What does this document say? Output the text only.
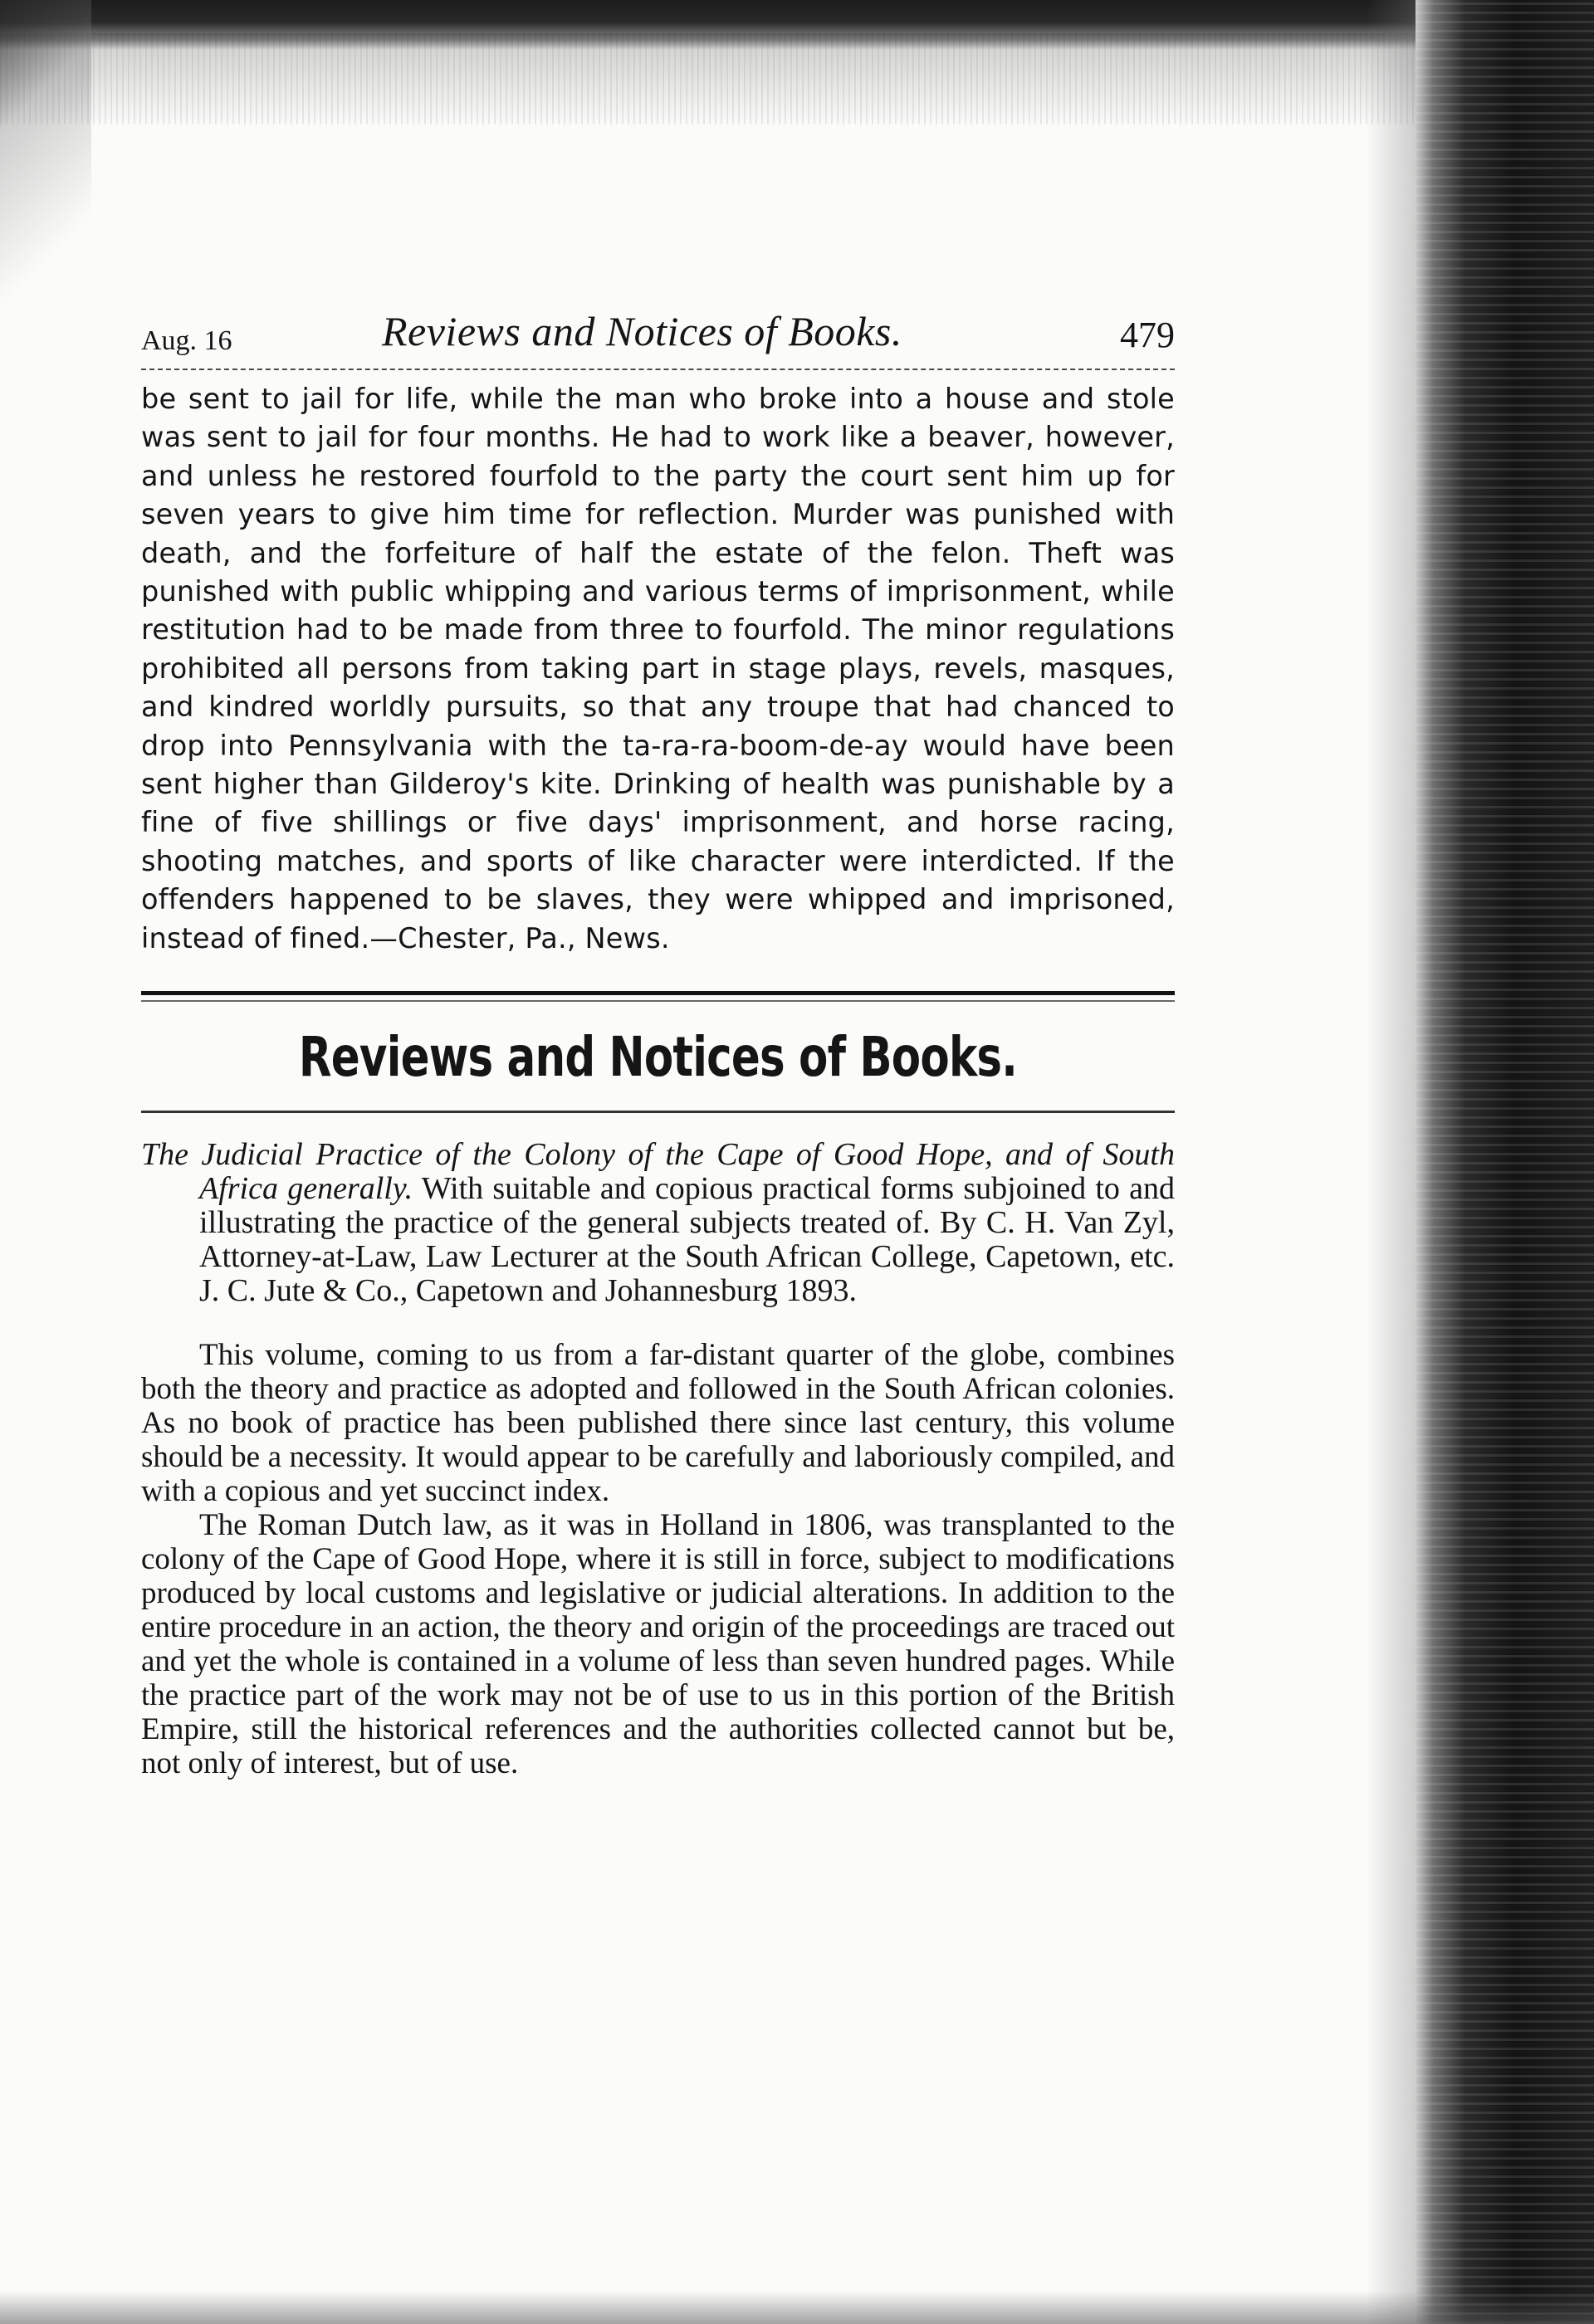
Aug. 16	Reviews and Notices of Books.	479

be sent to jail for life, while the man who broke into a house and stole was sent to jail for four months. He had to work like a beaver, however, and unless he restored fourfold to the party the court sent him up for seven years to give him time for reflection. Murder was punished with death, and the forfeiture of half the estate of the felon. Theft was punished with public whipping and various terms of imprisonment, while restitution had to be made from three to fourfold. The minor regulations prohibited all persons from taking part in stage plays, revels, masques, and kindred worldly pursuits, so that any troupe that had chanced to drop into Pennsylvania with the ta-ra-ra-boom-de-ay would have been sent higher than Gilderoy's kite. Drinking of health was punishable by a fine of five shillings or five days' imprisonment, and horse racing, shooting matches, and sports of like character were interdicted. If the offenders happened to be slaves, they were whipped and imprisoned, instead of fined.—Chester, Pa., News.

Reviews and Notices of Books.

The Judicial Practice of the Colony of the Cape of Good Hope, and of South Africa generally. With suitable and copious practical forms subjoined to and illustrating the practice of the general subjects treated of. By C. H. Van Zyl, Attorney-at-Law, Law Lecturer at the South African College, Capetown, etc. J. C. Jute & Co., Capetown and Johannesburg 1893.

This volume, coming to us from a far-distant quarter of the globe, combines both the theory and practice as adopted and followed in the South African colonies. As no book of practice has been published there since last century, this volume should be a necessity. It would appear to be carefully and laboriously compiled, and with a copious and yet succinct index.

The Roman Dutch law, as it was in Holland in 1806, was transplanted to the colony of the Cape of Good Hope, where it is still in force, subject to modifications produced by local customs and legislative or judicial alterations. In addition to the entire procedure in an action, the theory and origin of the proceedings are traced out and yet the whole is contained in a volume of less than seven hundred pages. While the practice part of the work may not be of use to us in this portion of the British Empire, still the historical references and the authorities collected cannot but be, not only of interest, but of use.
